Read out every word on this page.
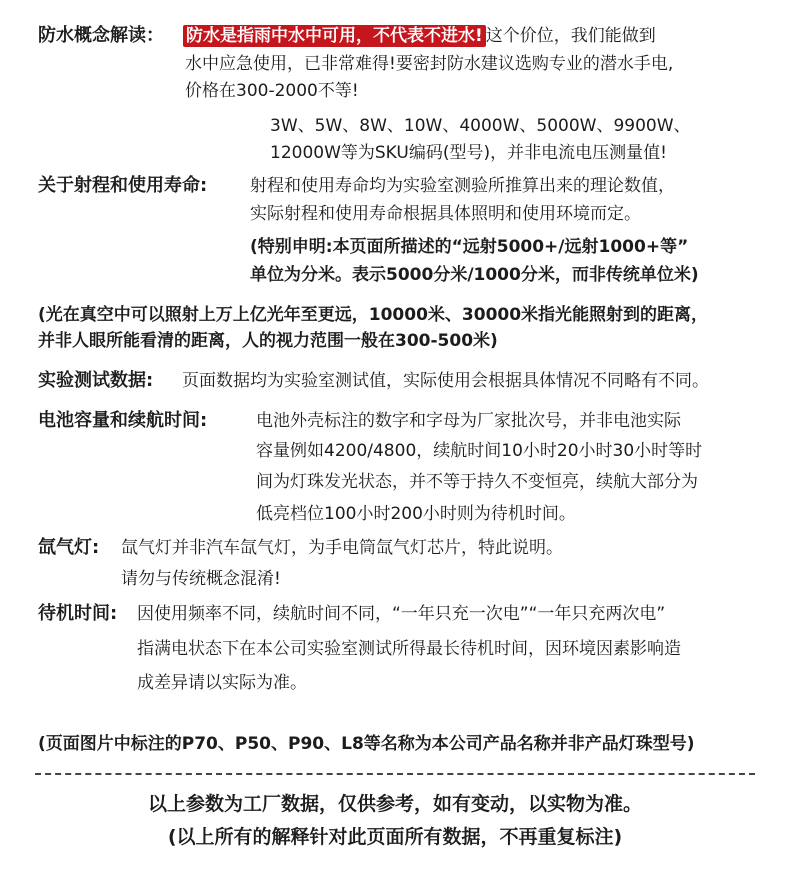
防水概念解读： 防水是指雨中水中可用，不代表不进水! 这个价位，我们能做到
水中应急使用，已非常难得!要密封防水建议选购专业的潜水手电,
价格在300-2000不等!
3W、5W、8W、10W、4000W、5000W、9900W、
12000W等为SKU编码(型号)，并非电流电压测量值!
关于射程和使用寿命:	射程和使用寿命均为实验室测验所推算出来的理论数值，
实际射程和使用寿命根据具体照明和使用环境而定。
(特别申明:本页面所描述的“远射5000+/远射1000+等”
单位为分米。表示5000分米/1000分米，而非传统单位米)
(光在真空中可以照射上万上亿光年至更远，10000米、30000米指光能照射到的距离，
并非人眼所能看清的距离，人的视力范围一般在300-500米)
实验测试数据: 页面数据均为实验室测试值，实际使用会根据具体情况不同略有不同。
电池容量和续航时间:	电池外壳标注的数字和字母为厂家批次号，并非电池实际
容量例如4200/4800，续航时间10小时20小时30小时等时
间为灯珠发光状态，并不等于持久不变恒亮，续航大部分为
低亮档位100小时200小时则为待机时间。
氙气灯: 氙气灯并非汽车氙气灯，为手电筒氙气灯芯片，特此说明。
请勿与传统概念混淆!
待机时间: 因使用频率不同，续航时间不同，“一年只充一次电”“一年只充两次电”
指满电状态下在本公司实验室测试所得最长待机时间，因环境因素影响造
成差异请以实际为准。
(页面图片中标注的P70、P50、P90、L8等名称为本公司产品名称并非产品灯珠型号)
以上参数为工厂数据，仅供参考，如有变动，以实物为准。
(以上所有的解释针对此页面所有数据，不再重复标注)
